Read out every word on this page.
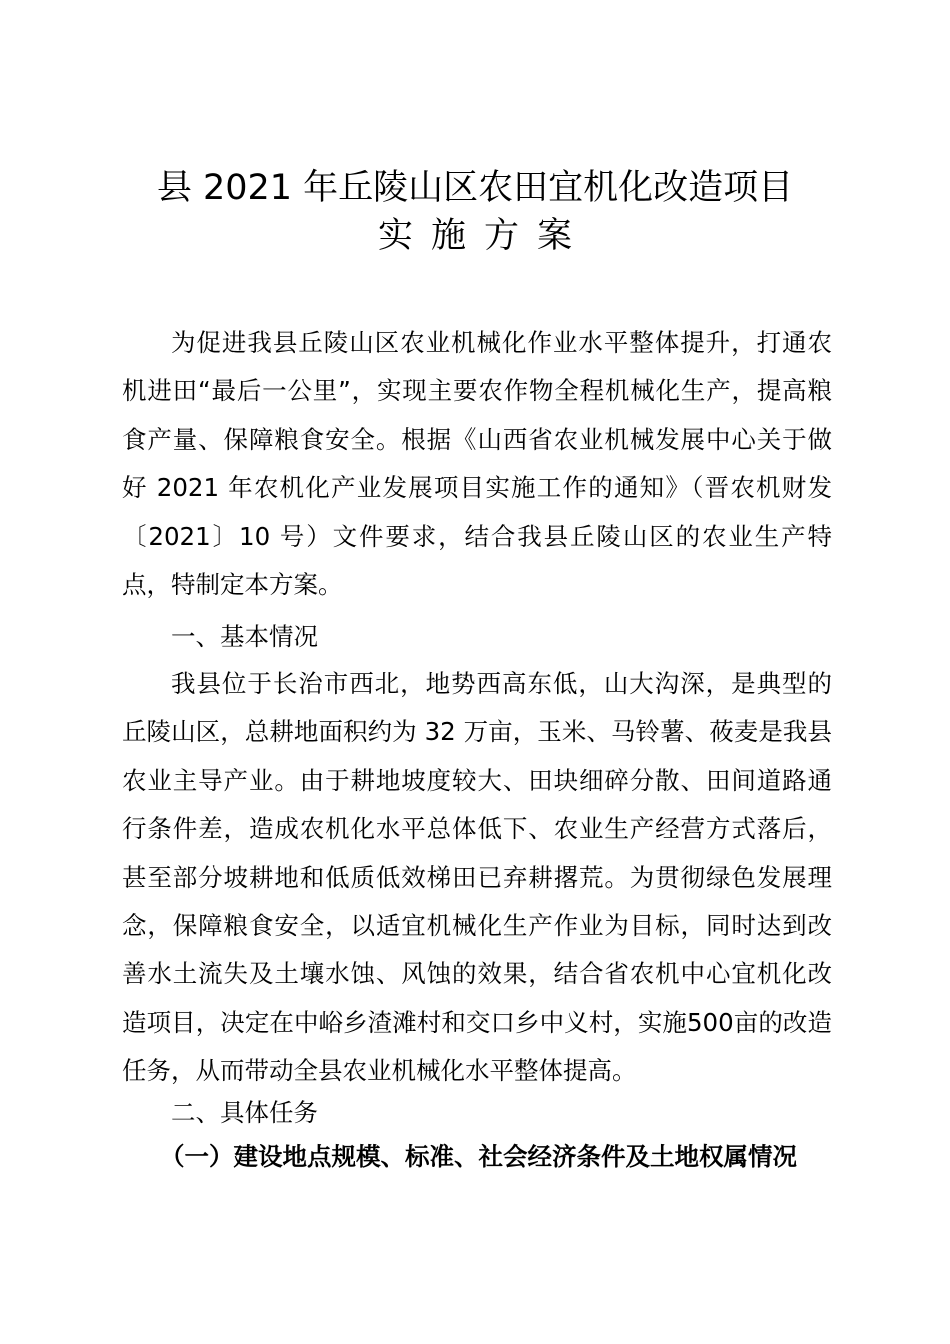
县 2021 年丘陵山区农田宜机化改造项目
实施方案

为促进我县丘陵山区农业机械化作业水平整体提升，打通农机进田“最后一公里”，实现主要农作物全程机械化生产，提高粮食产量、保障粮食安全。根据《山西省农业机械发展中心关于做好 2021 年农机化产业发展项目实施工作的通知》（晋农机财发〔2021〕10 号）文件要求，结合我县丘陵山区的农业生产特点，特制定本方案。

一、基本情况

我县位于长治市西北，地势西高东低，山大沟深，是典型的丘陵山区，总耕地面积约为 32 万亩，玉米、马铃薯、莜麦是我县农业主导产业。由于耕地坡度较大、田块细碎分散、田间道路通行条件差，造成农机化水平总体低下、农业生产经营方式落后，甚至部分坡耕地和低质低效梯田已弃耕撂荒。为贯彻绿色发展理念，保障粮食安全，以适宜机械化生产作业为目标，同时达到改善水土流失及土壤水蚀、风蚀的效果，结合省农机中心宜机化改造项目，决定在中峪乡渣滩村和交口乡中义村，实施500亩的改造任务，从而带动全县农业机械化水平整体提高。

二、具体任务

（一）建设地点规模、标准、社会经济条件及土地权属情况
